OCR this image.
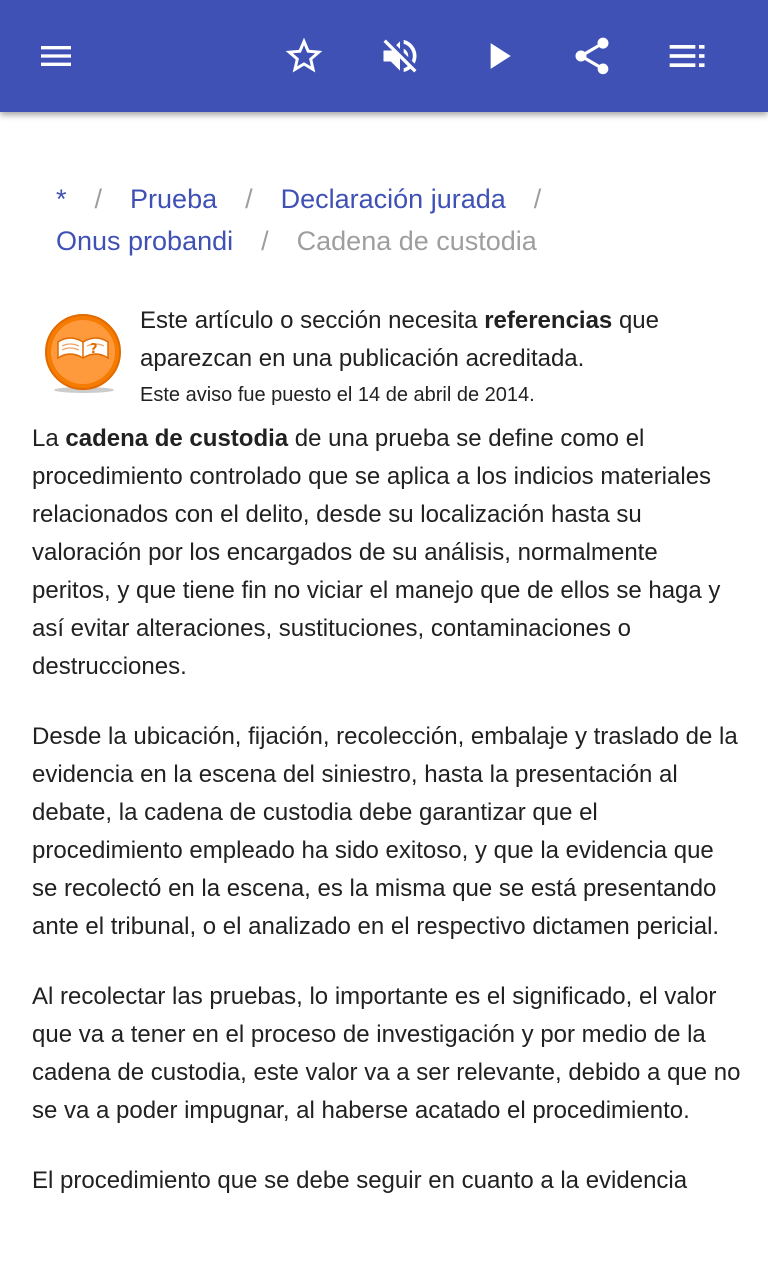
* / Prueba / Declaración jurada /
Onus probandi / Cadena de custodia
?
Este artículo o sección necesita referencias que aparezcan en una publicación acreditada.
Este aviso fue puesto el 14 de abril de 2014.

La cadena de custodia de una prueba se define como el procedimiento controlado que se aplica a los indicios materiales relacionados con el delito, desde su localización hasta su valoración por los encargados de su análisis, normalmente peritos, y que tiene fin no viciar el manejo que de ellos se haga y así evitar alteraciones, sustituciones, contaminaciones o destrucciones.

Desde la ubicación, fijación, recolección, embalaje y traslado de la evidencia en la escena del siniestro, hasta la presentación al debate, la cadena de custodia debe garantizar que el procedimiento empleado ha sido exitoso, y que la evidencia que se recolectó en la escena, es la misma que se está presentando ante el tribunal, o el analizado en el respectivo dictamen pericial.

Al recolectar las pruebas, lo importante es el significado, el valor que va a tener en el proceso de investigación y por medio de la cadena de custodia, este valor va a ser relevante, debido a que no se va a poder impugnar, al haberse acatado el procedimiento.

El procedimiento que se debe seguir en cuanto a la evidencia
